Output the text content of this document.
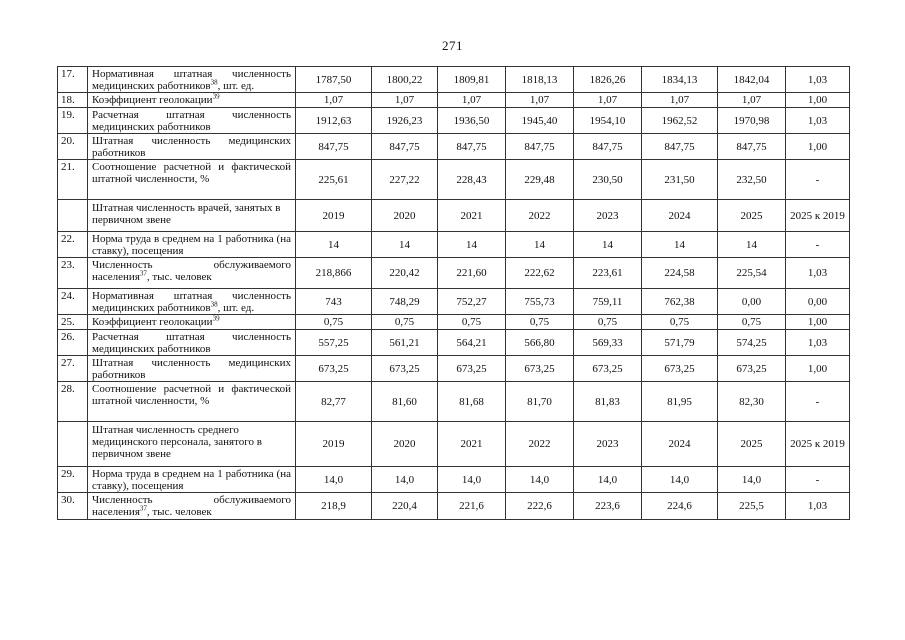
271
17.	Нормативная штатная численность медицинских работников$^{38}$, шт. ед.	1787,50	1800,22	1809,81	1818,13	1826,26	1834,13	1842,04	1,03
18.	Коэффициент геолокации$^{39}$	1,07	1,07	1,07	1,07	1,07	1,07	1,07	1,00
19.	Расчетная штатная численность медицинских работников	1912,63	1926,23	1936,50	1945,40	1954,10	1962,52	1970,98	1,03
20.	Штатная численность медицинских работников	847,75	847,75	847,75	847,75	847,75	847,75	847,75	1,00
21.	Соотношение расчетной и фактической штатной численности, %	225,61	227,22	228,43	229,48	230,50	231,50	232,50	-
	Штатная численность врачей, занятых в первичном звене	2019	2020	2021	2022	2023	2024	2025	2025 к 2019
22.	Норма труда в среднем на 1 работника (на ставку), посещения	14	14	14	14	14	14	14	-
23.	Численность обслуживаемого населения$^{37}$, тыс. человек	218,866	220,42	221,60	222,62	223,61	224,58	225,54	1,03
24.	Нормативная штатная численность медицинских работников$^{38}$, шт. ед.	743	748,29	752,27	755,73	759,11	762,38	0,00	0,00
25.	Коэффициент геолокации$^{39}$	0,75	0,75	0,75	0,75	0,75	0,75	0,75	1,00
26.	Расчетная штатная численность медицинских работников	557,25	561,21	564,21	566,80	569,33	571,79	574,25	1,03
27.	Штатная численность медицинских работников	673,25	673,25	673,25	673,25	673,25	673,25	673,25	1,00
28.	Соотношение расчетной и фактической штатной численности, %	82,77	81,60	81,68	81,70	81,83	81,95	82,30	-
	Штатная численность среднего медицинского персонала, занятого в первичном звене	2019	2020	2021	2022	2023	2024	2025	2025 к 2019
29.	Норма труда в среднем на 1 работника (на ставку), посещения	14,0	14,0	14,0	14,0	14,0	14,0	14,0	-
30.	Численность обслуживаемого населения$^{37}$, тыс. человек	218,9	220,4	221,6	222,6	223,6	224,6	225,5	1,03
